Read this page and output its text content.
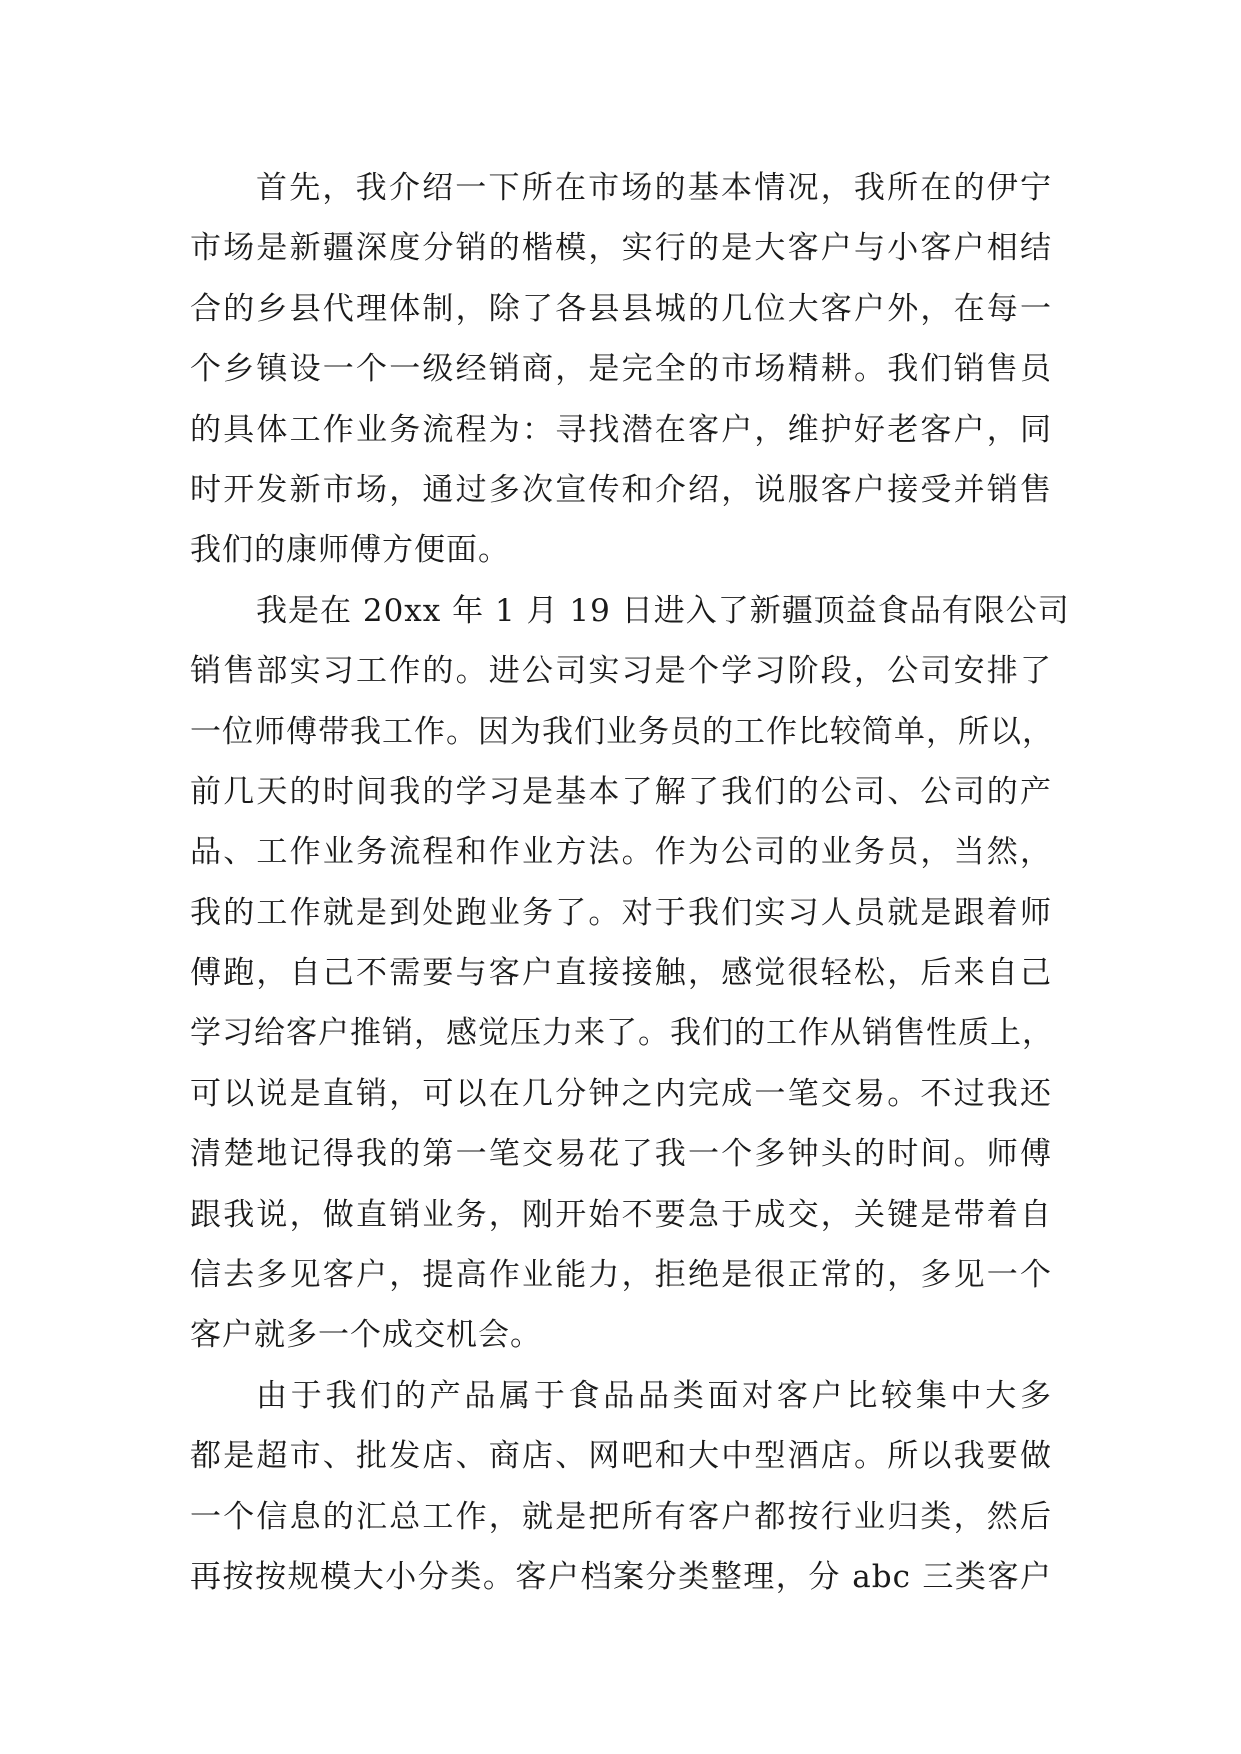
首先，我介绍一下所在市场的基本情况，我所在的伊宁
市场是新疆深度分销的楷模，实行的是大客户与小客户相结
合的乡县代理体制，除了各县县城的几位大客户外，在每一
个乡镇设一个一级经销商，是完全的市场精耕。我们销售员
的具体工作业务流程为：寻找潜在客户，维护好老客户，同
时开发新市场，通过多次宣传和介绍，说服客户接受并销售
我们的康师傅方便面。
我是在 20xx 年 1 月 19 日进入了新疆顶益食品有限公司
销售部实习工作的。进公司实习是个学习阶段，公司安排了
一位师傅带我工作。因为我们业务员的工作比较简单，所以，
前几天的时间我的学习是基本了解了我们的公司、公司的产
品、工作业务流程和作业方法。作为公司的业务员，当然，
我的工作就是到处跑业务了。对于我们实习人员就是跟着师
傅跑，自己不需要与客户直接接触，感觉很轻松，后来自己
学习给客户推销，感觉压力来了。我们的工作从销售性质上，
可以说是直销，可以在几分钟之内完成一笔交易。不过我还
清楚地记得我的第一笔交易花了我一个多钟头的时间。师傅
跟我说，做直销业务，刚开始不要急于成交，关键是带着自
信去多见客户，提高作业能力，拒绝是很正常的，多见一个
客户就多一个成交机会。
由于我们的产品属于食品品类面对客户比较集中大多
都是超市、批发店、商店、网吧和大中型酒店。所以我要做
一个信息的汇总工作，就是把所有客户都按行业归类，然后
再按按规模大小分类。客户档案分类整理，分 abc 三类客户
